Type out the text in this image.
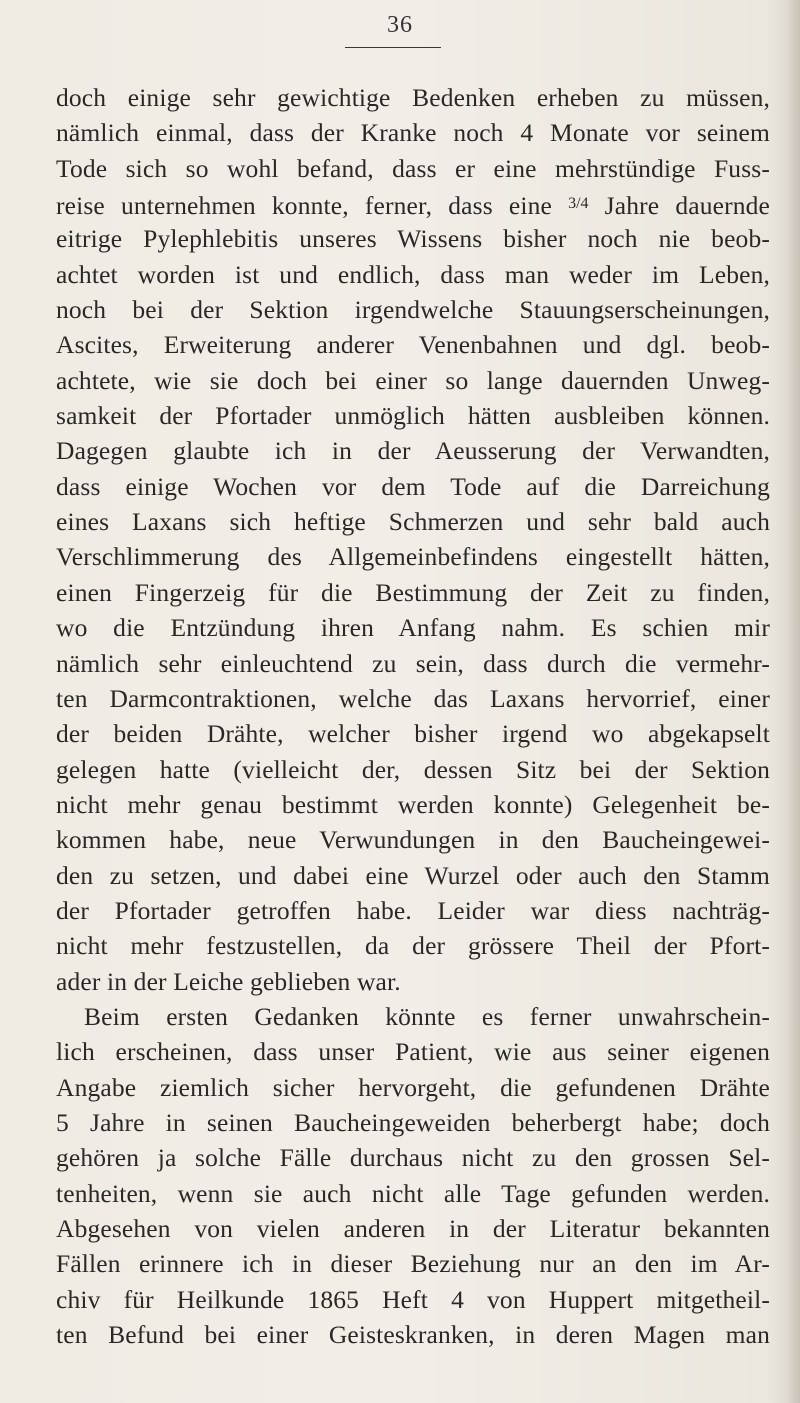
36
doch einige sehr gewichtige Bedenken erheben zu müssen,
nämlich einmal, dass der Kranke noch 4 Monate vor seinem
Tode sich so wohl befand, dass er eine mehrstündige Fuss-
reise unternehmen konnte, ferner, dass eine $^{3/4}$ Jahre dauernde
eitrige Pylephlebitis unseres Wissens bisher noch nie beob-
achtet worden ist und endlich, dass man weder im Leben,
noch bei der Sektion irgendwelche Stauungserscheinungen,
Ascites, Erweiterung anderer Venenbahnen und dgl. beob-
achtete, wie sie doch bei einer so lange dauernden Unweg-
samkeit der Pfortader unmöglich hätten ausbleiben können.
Dagegen glaubte ich in der Aeusserung der Verwandten,
dass einige Wochen vor dem Tode auf die Darreichung
eines Laxans sich heftige Schmerzen und sehr bald auch
Verschlimmerung des Allgemeinbefindens eingestellt hätten,
einen Fingerzeig für die Bestimmung der Zeit zu finden,
wo die Entzündung ihren Anfang nahm. Es schien mir
nämlich sehr einleuchtend zu sein, dass durch die vermehr-
ten Darmcontraktionen, welche das Laxans hervorrief, einer
der beiden Drähte, welcher bisher irgend wo abgekapselt
gelegen hatte (vielleicht der, dessen Sitz bei der Sektion
nicht mehr genau bestimmt werden konnte) Gelegenheit be-
kommen habe, neue Verwundungen in den Baucheingewei-
den zu setzen, und dabei eine Wurzel oder auch den Stamm
der Pfortader getroffen habe. Leider war diess nachträg-
nicht mehr festzustellen, da der grössere Theil der Pfort-
ader in der Leiche geblieben war.
Beim ersten Gedanken könnte es ferner unwahrschein-
lich erscheinen, dass unser Patient, wie aus seiner eigenen
Angabe ziemlich sicher hervorgeht, die gefundenen Drähte
5 Jahre in seinen Baucheingeweiden beherbergt habe; doch
gehören ja solche Fälle durchaus nicht zu den grossen Sel-
tenheiten, wenn sie auch nicht alle Tage gefunden werden.
Abgesehen von vielen anderen in der Literatur bekannten
Fällen erinnere ich in dieser Beziehung nur an den im Ar-
chiv für Heilkunde 1865 Heft 4 von Huppert mitgetheil-
ten Befund bei einer Geisteskranken, in deren Magen man
